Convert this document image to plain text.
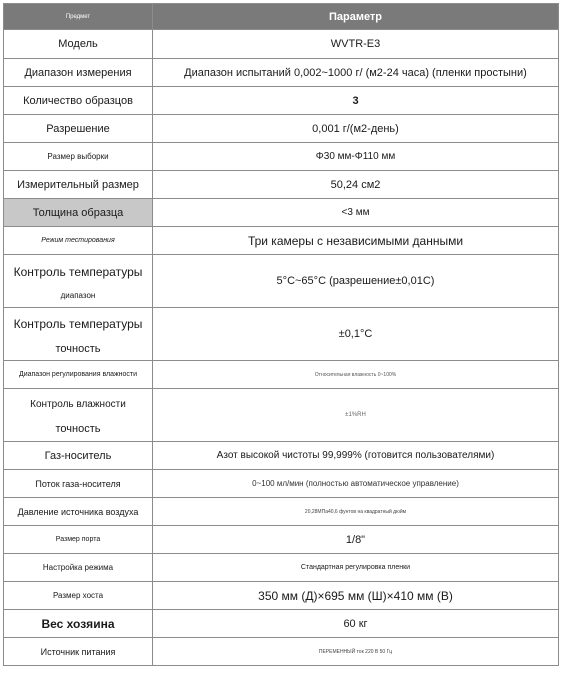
Предмет	Параметр
Модель	WVTR-E3
Диапазон измерения	Диапазон испытаний 0,002~1000 г/ (м2-24 часа) (пленки простыни)
Количество образцов	3
Разрешение	0,001 г/(м2-день)
Размер выборки	Φ30 мм-Φ110 мм
Измерительный размер	50,24 см2
Толщина образца	<3 мм
Режим тестирования	Три камеры с независимыми данными

Контроль температуры
диапазон	5°C~65°C (разрешение±0,01C)

Контроль температуры
точность	±0,1°C
Диапазон регулирования влажности	Относительная влажность 0~100%

Контроль влажности
точность	±1%RH
Газ-носитель	Азот высокой чистоты 99,999% (готовится пользователями)
Поток газа-носителя	0~100 мл/мин (полностью автоматическое управление)
Давление источника воздуха	20,28МПа40,6 фунтов на квадратный дюйм
Размер порта	1/8"
Настройка режима	Стандартная регулировка пленки
Размер хоста	350 мм (Д)×695 мм (Ш)×410 мм (В)
Вес хозяина	60 кг
Источник питания	ПЕРЕМЕННЫЙ ток 220 В 50 Гц
